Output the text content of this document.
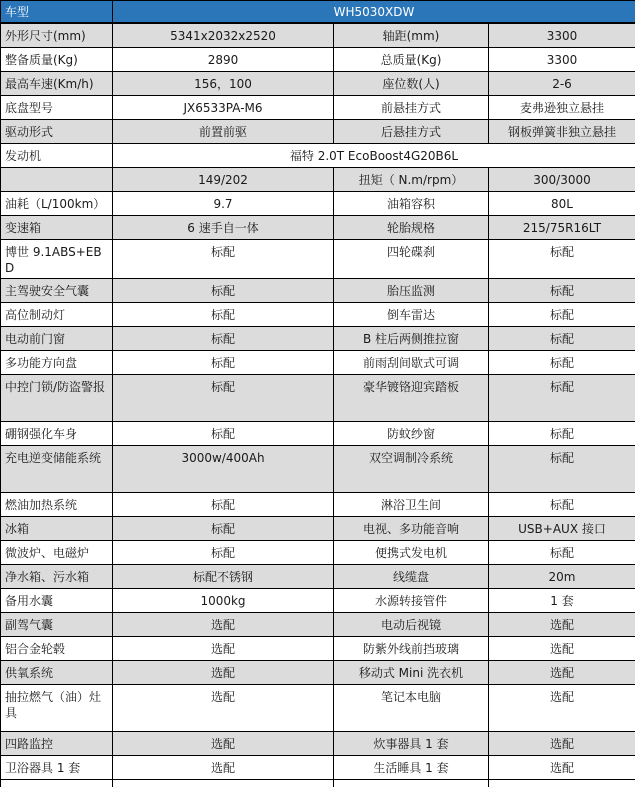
车型	WH5030XDW		
外形尺寸(mm)	5341x2032x2520	轴距(mm)	3300
整备质量(Kg)	2890	总质量(Kg)	3300
最高车速(Km/h)	156，100	座位数(人)	2-6
底盘型号	JX6533PA-M6	前悬挂方式	麦弗逊独立悬挂
驱动形式	前置前驱	后悬挂方式	钢板弹簧非独立悬挂
发动机	福特 2.0T EcoBoost4G20B6L		
	149/202	扭矩（ N.m/rpm）	300/3000
油耗（L/100km）	9.7	油箱容积	80L
变速箱	6 速手自一体	轮胎规格	215/75R16LT
博世 9.1ABS+EBD	标配	四轮碟刹	标配
主驾驶安全气囊	标配	胎压监测	标配
高位制动灯	标配	倒车雷达	标配
电动前门窗	标配	B 柱后两侧推拉窗	标配
多功能方向盘	标配	前雨刮间歇式可调	标配
中控门锁/防盗警报	标配	豪华镀铬迎宾踏板	标配
硼钢强化车身	标配	防蚊纱窗	标配
充电逆变储能系统	3000w/400Ah	双空调制冷系统	标配
燃油加热系统	标配	淋浴卫生间	标配
冰箱	标配	电视、多功能音响	USB+AUX 接口
微波炉、电磁炉	标配	便携式发电机	标配
净水箱、污水箱	标配不锈钢	线缆盘	20m
备用水囊	1000kg	水源转接管件	1 套
副驾气囊	选配	电动后视镜	选配
铝合金轮毂	选配	防紫外线前挡玻璃	选配
供氧系统	选配	移动式 Mini 洗衣机	选配
抽拉燃气（油）灶具	选配	笔记本电脑	选配
四路监控	选配	炊事器具 1 套	选配
卫浴器具 1 套	选配	生活睡具 1 套	选配
